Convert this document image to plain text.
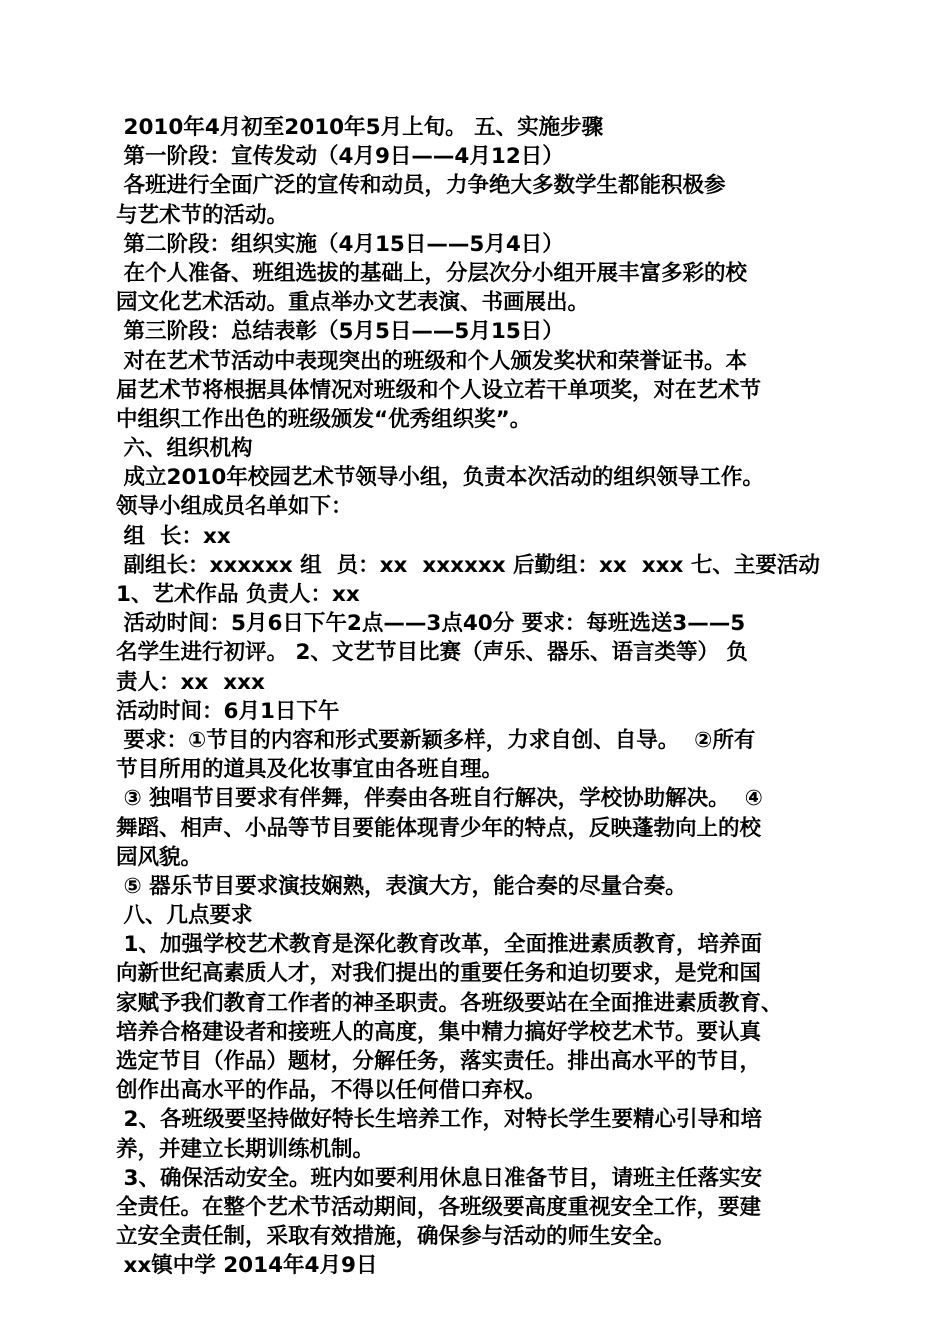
2010年4月初至2010年5月上旬。 五、实施步骤
第一阶段：宣传发动（4月9日——4月12日）
各班进行全面广泛的宣传和动员，力争绝大多数学生都能积极参
与艺术节的活动。
第二阶段：组织实施（4月15日——5月4日）
在个人准备、班组选拔的基础上，分层次分小组开展丰富多彩的校
园文化艺术活动。重点举办文艺表演、书画展出。
第三阶段：总结表彰（5月5日——5月15日）
对在艺术节活动中表现突出的班级和个人颁发奖状和荣誉证书。本
届艺术节将根据具体情况对班级和个人设立若干单项奖，对在艺术节
中组织工作出色的班级颁发“优秀组织奖”。
六、组织机构
成立2010年校园艺术节领导小组，负责本次活动的组织领导工作。
领导小组成员名单如下：
组  长：xx
副组长：xxxxxx 组  员：xx  xxxxxx 后勤组：xx  xxx 七、主要活动
1、艺术作品 负责人：xx
活动时间：5月6日下午2点——3点40分 要求：每班选送3——5
名学生进行初评。 2、文艺节目比赛（声乐、器乐、语言类等） 负
责人：xx  xxx
活动时间：6月1日下午
要求：①节目的内容和形式要新颖多样，力求自创、自导。  ②所有
节目所用的道具及化妆事宜由各班自理。
③ 独唱节目要求有伴舞，伴奏由各班自行解决，学校协助解决。  ④
舞蹈、相声、小品等节目要能体现青少年的特点，反映蓬勃向上的校
园风貌。
⑤ 器乐节目要求演技娴熟，表演大方，能合奏的尽量合奏。
八、几点要求
1、加强学校艺术教育是深化教育改革，全面推进素质教育，培养面
向新世纪高素质人才，对我们提出的重要任务和迫切要求，是党和国
家赋予我们教育工作者的神圣职责。各班级要站在全面推进素质教育、
培养合格建设者和接班人的高度，集中精力搞好学校艺术节。要认真
选定节目（作品）题材，分解任务，落实责任。排出高水平的节目，
创作出高水平的作品，不得以任何借口弃权。
2、各班级要坚持做好特长生培养工作，对特长学生要精心引导和培
养，并建立长期训练机制。
3、确保活动安全。班内如要利用休息日准备节目，请班主任落实安
全责任。在整个艺术节活动期间，各班级要高度重视安全工作，要建
立安全责任制，采取有效措施，确保参与活动的师生安全。
xx镇中学 2014年4月9日
